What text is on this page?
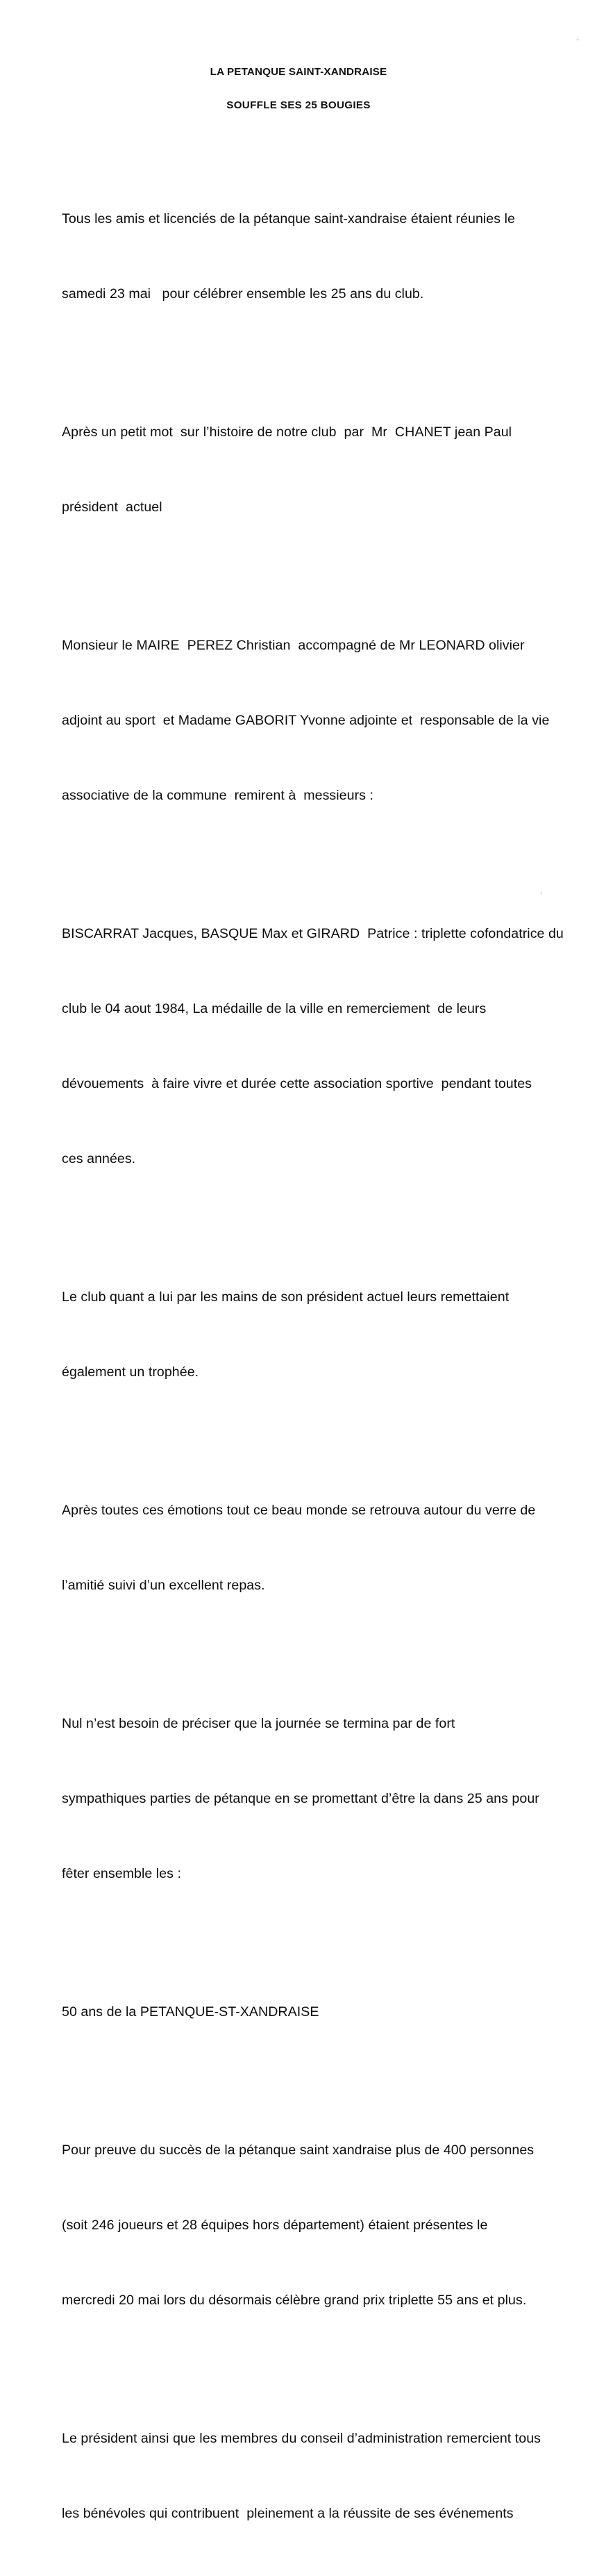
+
+
LA PETANQUE SAINT-XANDRAISE
SOUFFLE SES 25 BOUGIES

Tous les amis et licenciés de la pétanque saint-xandraise étaient réunies le

samedi 23 mai   pour célébrer ensemble les 25 ans du club.

Après un petit mot  sur l’histoire de notre club  par  Mr  CHANET jean Paul

président  actuel

Monsieur le MAIRE  PEREZ Christian  accompagné de Mr LEONARD olivier

adjoint au sport  et Madame GABORIT Yvonne adjointe et  responsable de la vie

associative de la commune  remirent à  messieurs :

BISCARRAT Jacques, BASQUE Max et GIRARD  Patrice : triplette cofondatrice du

club le 04 aout 1984, La médaille de la ville en remerciement  de leurs

dévouements  à faire vivre et durée cette association sportive  pendant toutes

ces années.

Le club quant a lui par les mains de son président actuel leurs remettaient

également un trophée.

Après toutes ces émotions tout ce beau monde se retrouva autour du verre de

l’amitié suivi d’un excellent repas.

Nul n’est besoin de préciser que la journée se termina par de fort

sympathiques parties de pétanque en se promettant d’être la dans 25 ans pour

fêter ensemble les :

50 ans de la PETANQUE-ST-XANDRAISE

Pour preuve du succès de la pétanque saint xandraise plus de 400 personnes

(soit 246 joueurs et 28 équipes hors département) étaient présentes le

mercredi 20 mai lors du désormais célèbre grand prix triplette 55 ans et plus.

Le président ainsi que les membres du conseil d’administration remercient tous

les bénévoles qui contribuent  pleinement a la réussite de ses événements
